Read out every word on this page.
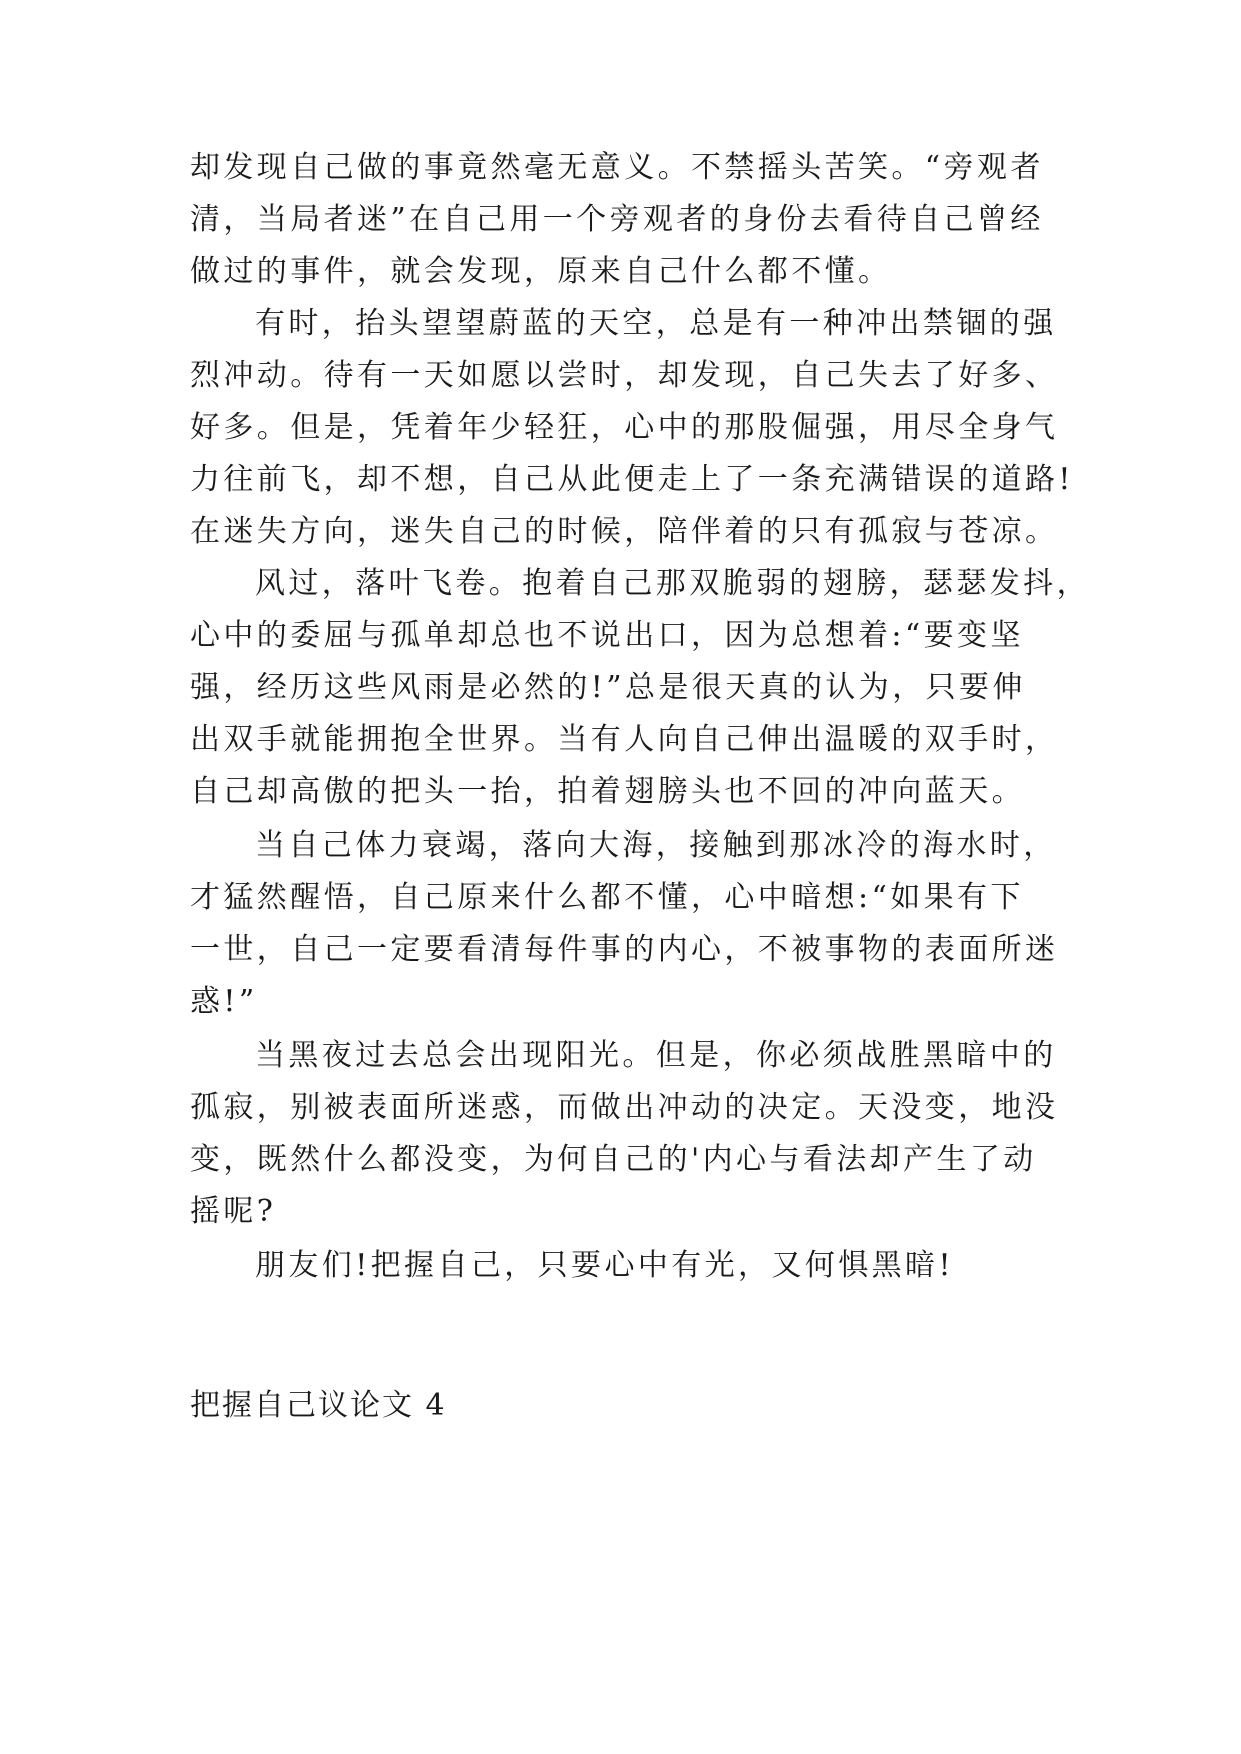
却发现自己做的事竟然毫无意义。不禁摇头苦笑。“旁观者
清，当局者迷”在自己用一个旁观者的身份去看待自己曾经
做过的事件，就会发现，原来自己什么都不懂。
有时，抬头望望蔚蓝的天空，总是有一种冲出禁锢的强
烈冲动。待有一天如愿以尝时，却发现，自己失去了好多、
好多。但是，凭着年少轻狂，心中的那股倔强，用尽全身气
力往前飞，却不想，自己从此便走上了一条充满错误的道路!
在迷失方向，迷失自己的时候，陪伴着的只有孤寂与苍凉。
风过，落叶飞卷。抱着自己那双脆弱的翅膀，瑟瑟发抖，
心中的委屈与孤单却总也不说出口，因为总想着:“要变坚
强，经历这些风雨是必然的!”总是很天真的认为，只要伸
出双手就能拥抱全世界。当有人向自己伸出温暖的双手时，
自己却高傲的把头一抬，拍着翅膀头也不回的冲向蓝天。
当自己体力衰竭，落向大海，接触到那冰冷的海水时，
才猛然醒悟，自己原来什么都不懂，心中暗想:“如果有下
一世，自己一定要看清每件事的内心，不被事物的表面所迷
惑!”
当黑夜过去总会出现阳光。但是，你必须战胜黑暗中的
孤寂，别被表面所迷惑，而做出冲动的决定。天没变，地没
变，既然什么都没变，为何自己的'内心与看法却产生了动
摇呢?
朋友们!把握自己，只要心中有光，又何惧黑暗!
把握自己议论文 4
